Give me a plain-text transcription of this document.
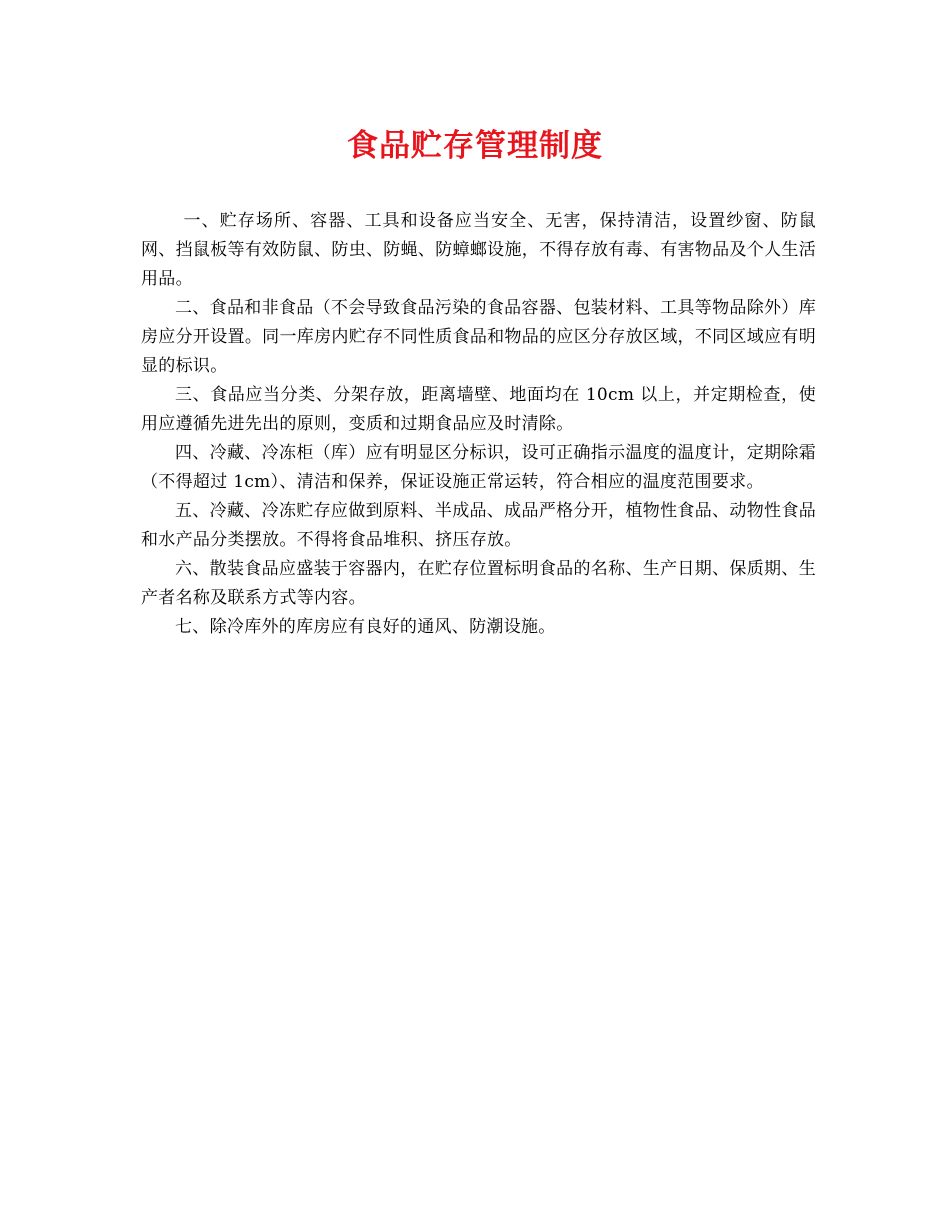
食品贮存管理制度

一、贮存场所、容器、工具和设备应当安全、无害，保持清洁，设置纱窗、防鼠网、挡鼠板等有效防鼠、防虫、防蝇、防蟑螂设施，不得存放有毒、有害物品及个人生活用品。

二、食品和非食品（不会导致食品污染的食品容器、包装材料、工具等物品除外）库房应分开设置。同一库房内贮存不同性质食品和物品的应区分存放区域，不同区域应有明显的标识。

三、食品应当分类、分架存放，距离墙壁、地面均在 10cm 以上，并定期检查，使用应遵循先进先出的原则，变质和过期食品应及时清除。

四、冷藏、冷冻柜（库）应有明显区分标识，设可正确指示温度的温度计，定期除霜（不得超过 1cm）、清洁和保养，保证设施正常运转，符合相应的温度范围要求。

五、冷藏、冷冻贮存应做到原料、半成品、成品严格分开，植物性食品、动物性食品和水产品分类摆放。不得将食品堆积、挤压存放。

六、散装食品应盛装于容器内，在贮存位置标明食品的名称、生产日期、保质期、生产者名称及联系方式等内容。

七、除冷库外的库房应有良好的通风、防潮设施。
